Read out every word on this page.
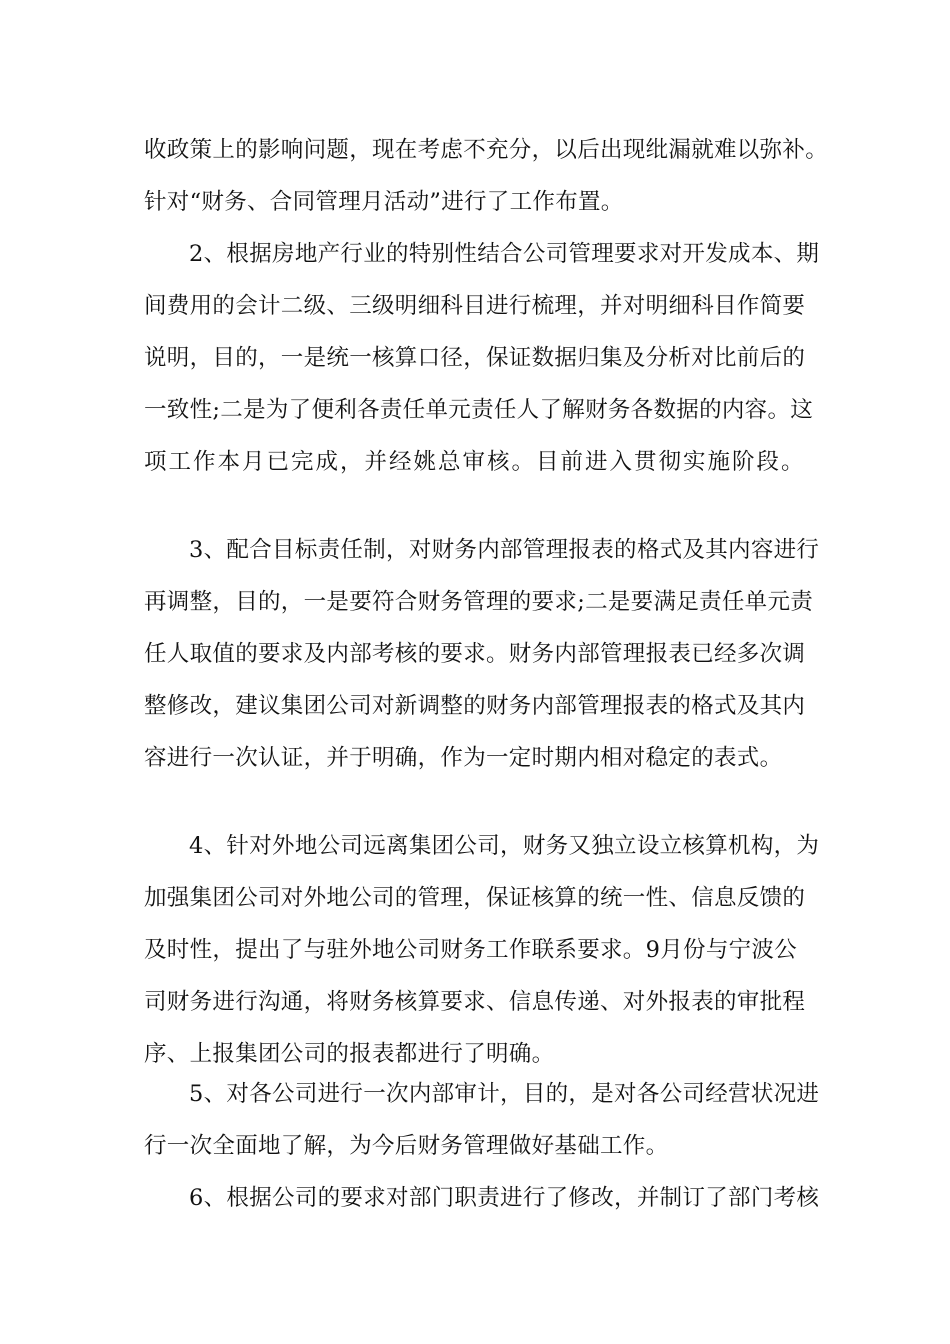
收政策上的影响问题，现在考虑不充分，以后出现纰漏就难以弥补。
针对“财务、合同管理月活动”进行了工作布置。
2、根据房地产行业的特别性结合公司管理要求对开发成本、期
间费用的会计二级、三级明细科目进行梳理，并对明细科目作简要
说明，目的，一是统一核算口径，保证数据归集及分析对比前后的
一致性;二是为了便利各责任单元责任人了解财务各数据的内容。这
项工作本月已完成，并经姚总审核。目前进入贯彻实施阶段。
3、配合目标责任制，对财务内部管理报表的格式及其内容进行
再调整，目的，一是要符合财务管理的要求;二是要满足责任单元责
任人取值的要求及内部考核的要求。财务内部管理报表已经多次调
整修改，建议集团公司对新调整的财务内部管理报表的格式及其内
容进行一次认证，并于明确，作为一定时期内相对稳定的表式。
4、针对外地公司远离集团公司，财务又独立设立核算机构，为
加强集团公司对外地公司的管理，保证核算的统一性、信息反馈的
及时性，提出了与驻外地公司财务工作联系要求。9月份与宁波公
司财务进行沟通，将财务核算要求、信息传递、对外报表的审批程
序、上报集团公司的报表都进行了明确。
5、对各公司进行一次内部审计，目的，是对各公司经营状况进
行一次全面地了解，为今后财务管理做好基础工作。
6、根据公司的要求对部门职责进行了修改，并制订了部门考核
